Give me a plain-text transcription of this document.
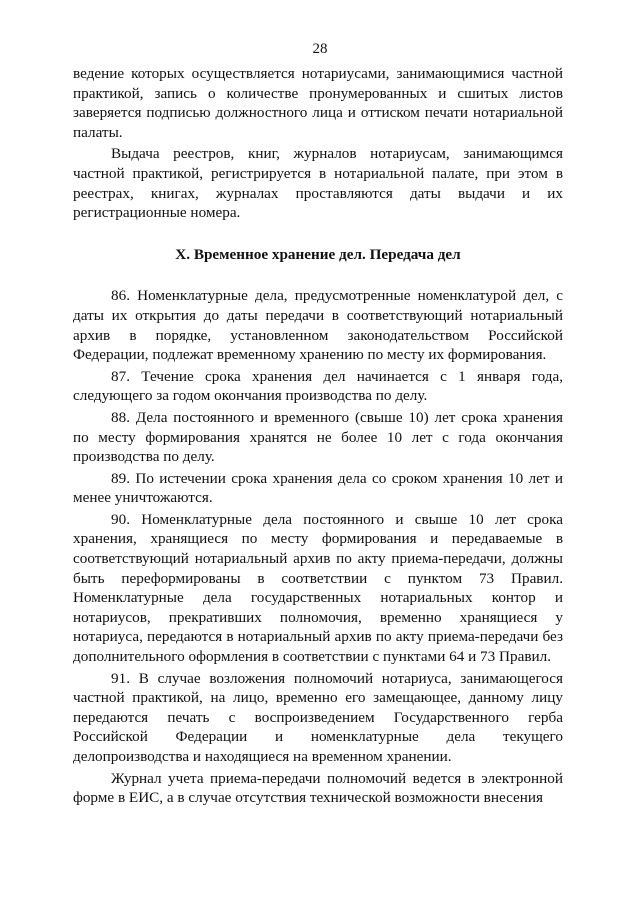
28

ведение которых осуществляется нотариусами, занимающимися частной практикой, запись о количестве пронумерованных и сшитых листов заверяется подписью должностного лица и оттиском печати нотариальной палаты.

Выдача реестров, книг, журналов нотариусам, занимающимся частной практикой, регистрируется в нотариальной палате, при этом в реестрах, книгах, журналах проставляются даты выдачи и их регистрационные номера.

X. Временное хранение дел. Передача дел

86. Номенклатурные дела, предусмотренные номенклатурой дел, с даты их открытия до даты передачи в соответствующий нотариальный архив в порядке, установленном законодательством Российской Федерации, подлежат временному хранению по месту их формирования.

87. Течение срока хранения дел начинается с 1 января года, следующего за годом окончания производства по делу.

88. Дела постоянного и временного (свыше 10) лет срока хранения по месту формирования хранятся не более 10 лет с года окончания производства по делу.

89. По истечении срока хранения дела со сроком хранения 10 лет и менее уничтожаются.

90. Номенклатурные дела постоянного и свыше 10 лет срока хранения, хранящиеся по месту формирования и передаваемые в соответствующий нотариальный архив по акту приема-передачи, должны быть переформированы в соответствии с пунктом 73 Правил. Номенклатурные дела государственных нотариальных контор и нотариусов, прекративших полномочия, временно хранящиеся у нотариуса, передаются в нотариальный архив по акту приема-передачи без дополнительного оформления в соответствии с пунктами 64 и 73 Правил.

91. В случае возложения полномочий нотариуса, занимающегося частной практикой, на лицо, временно его замещающее, данному лицу передаются печать с воспроизведением Государственного герба Российской Федерации и номенклатурные дела текущего делопроизводства и находящиеся на временном хранении.

Журнал учета приема-передачи полномочий ведется в электронной форме в ЕИС, а в случае отсутствия технической возможности внесения
